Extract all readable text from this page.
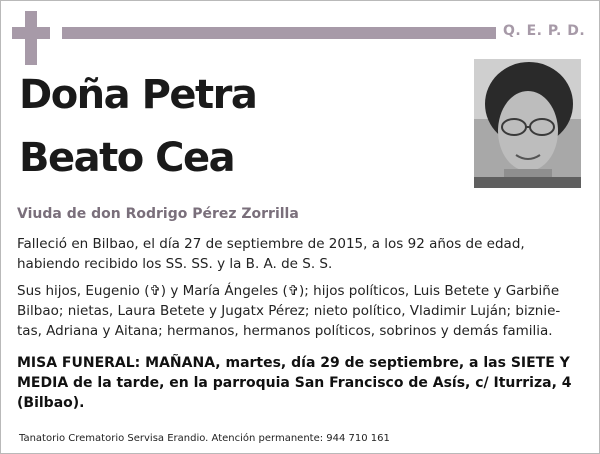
Q. E. P. D.
Doña Petra
Beato Cea
Viuda de don Rodrigo Pérez Zorrilla
Falleció en Bilbao, el día 27 de septiembre de 2015, a los 92 años de edad,
habiendo recibido los SS. SS. y la B. A. de S. S.
Sus hijos, Eugenio (✞) y María Ángeles (✞); hijos políticos, Luis Betete y Garbiñe
Bilbao; nietas, Laura Betete y Jugatx Pérez; nieto político, Vladimir Luján; biznie-
tas, Adriana y Aitana; hermanos, hermanos políticos, sobrinos y demás familia.
MISA FUNERAL: MAÑANA, martes, día 29 de septiembre, a las SIETE Y
MEDIA de la tarde, en la parroquia San Francisco de Asís, c/ Iturriza, 4
(Bilbao).
Tanatorio Crematorio Servisa Erandio. Atención permanente: 944 710 161
